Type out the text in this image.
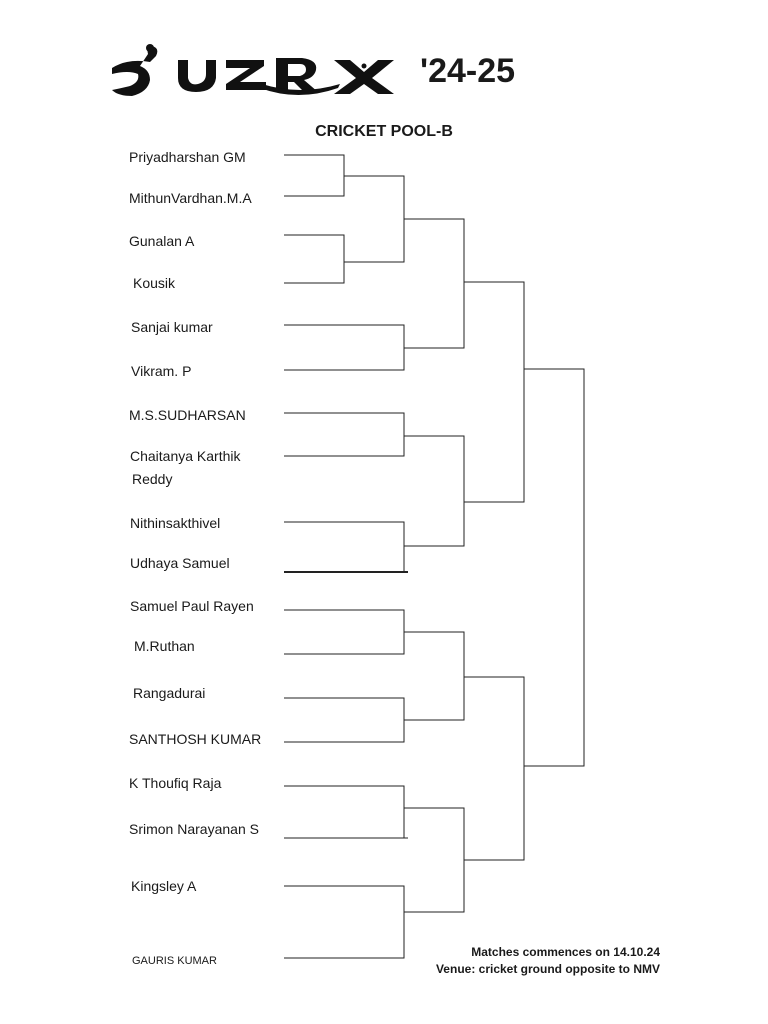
'24-25
CRICKET POOL-B
Priyadharshan GM
MithunVardhan.M.A
Gunalan A
Kousik
Sanjai kumar
Vikram. P
M.S.SUDHARSAN
Chaitanya Karthik
Reddy
Nithinsakthivel
Udhaya Samuel
Samuel Paul Rayen
M.Ruthan
Rangadurai
SANTHOSH KUMAR
K Thoufiq Raja
Srimon Narayanan S
Kingsley A
GAURIS KUMAR
Matches commences on 14.10.24
Venue: cricket ground opposite to NMV
